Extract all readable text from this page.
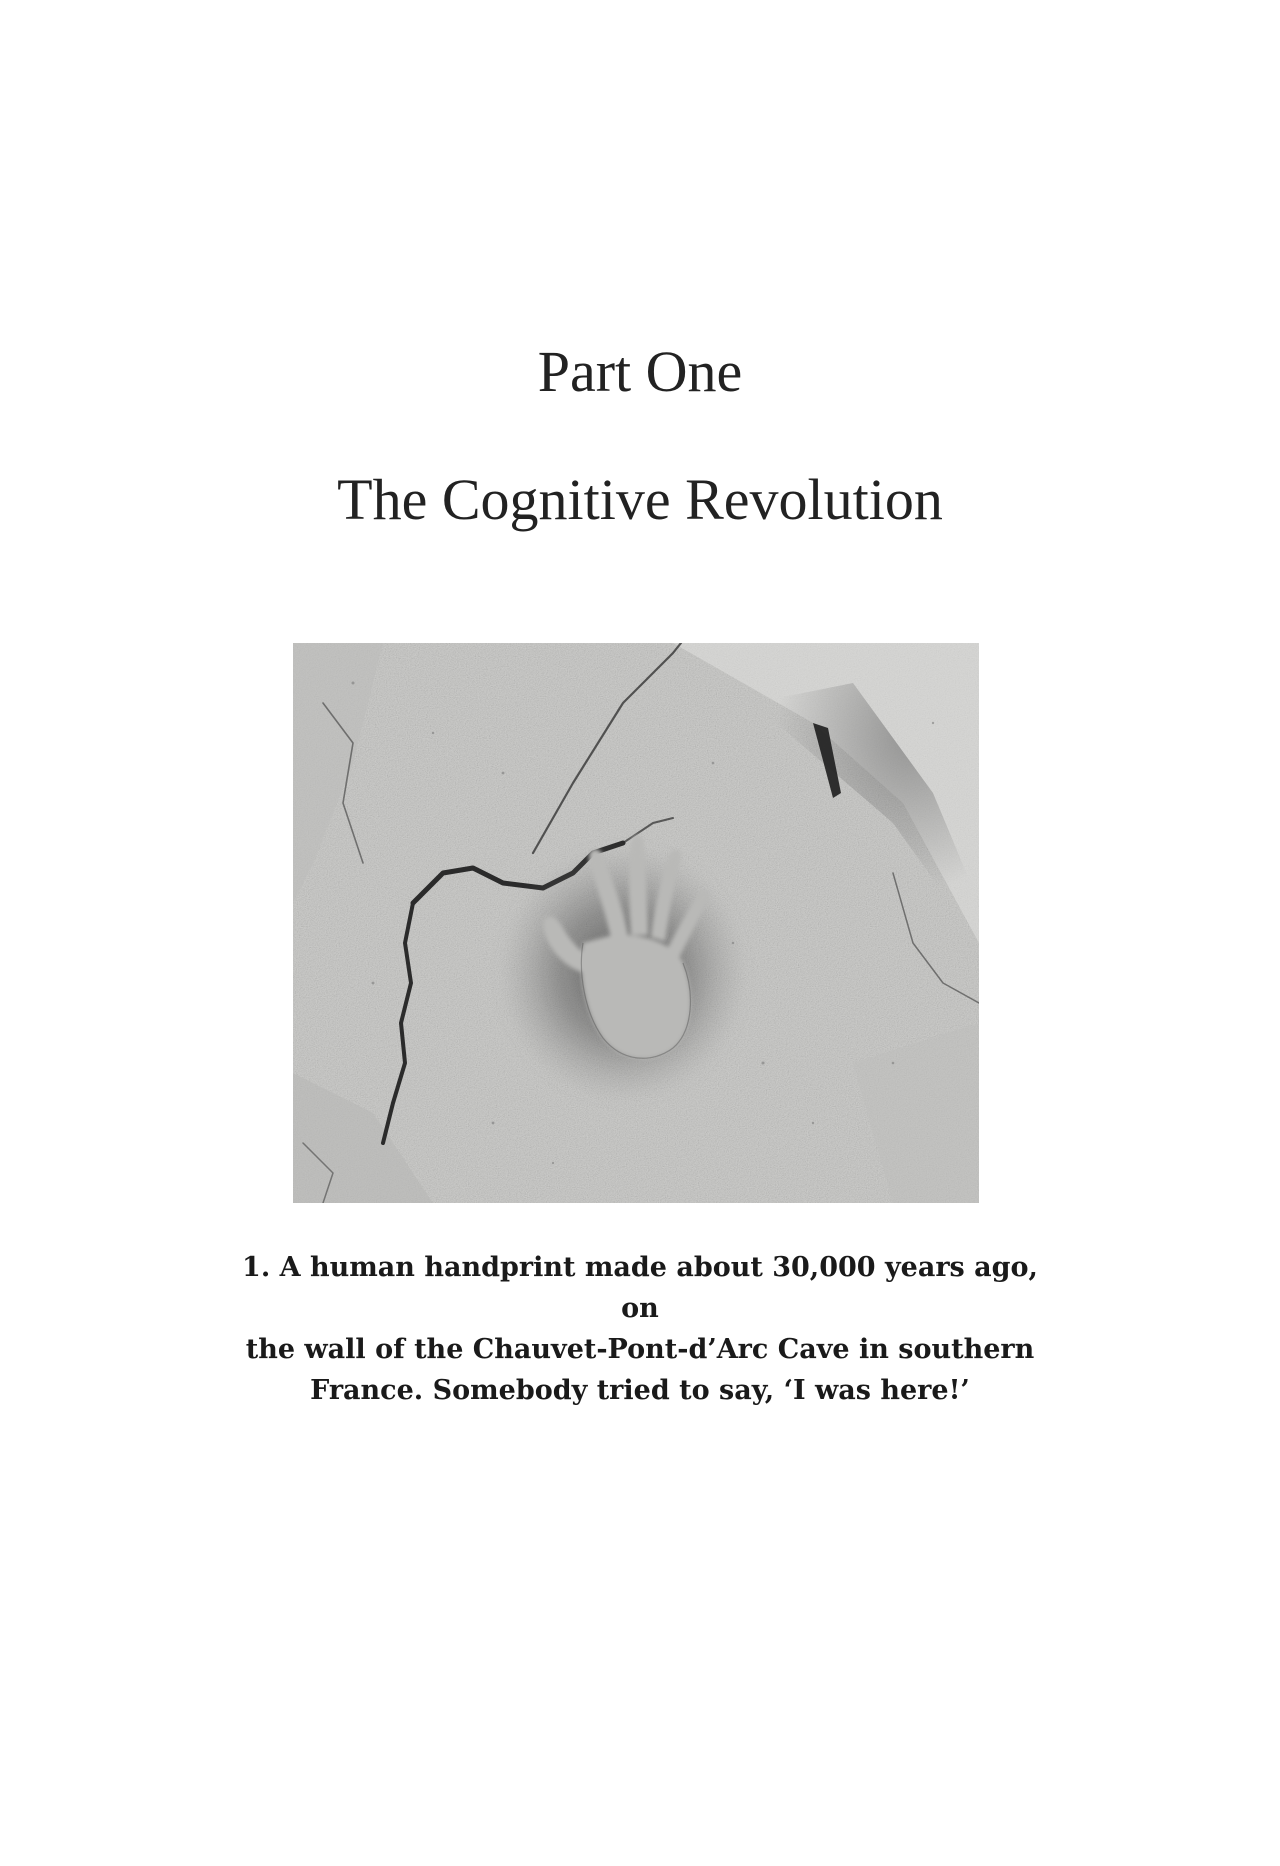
Part One
The Cognitive Revolution

1. A human handprint made about 30,000 years ago, on
the wall of the Chauvet-Pont-d’Arc Cave in southern
France. Somebody tried to say, ‘I was here!’
